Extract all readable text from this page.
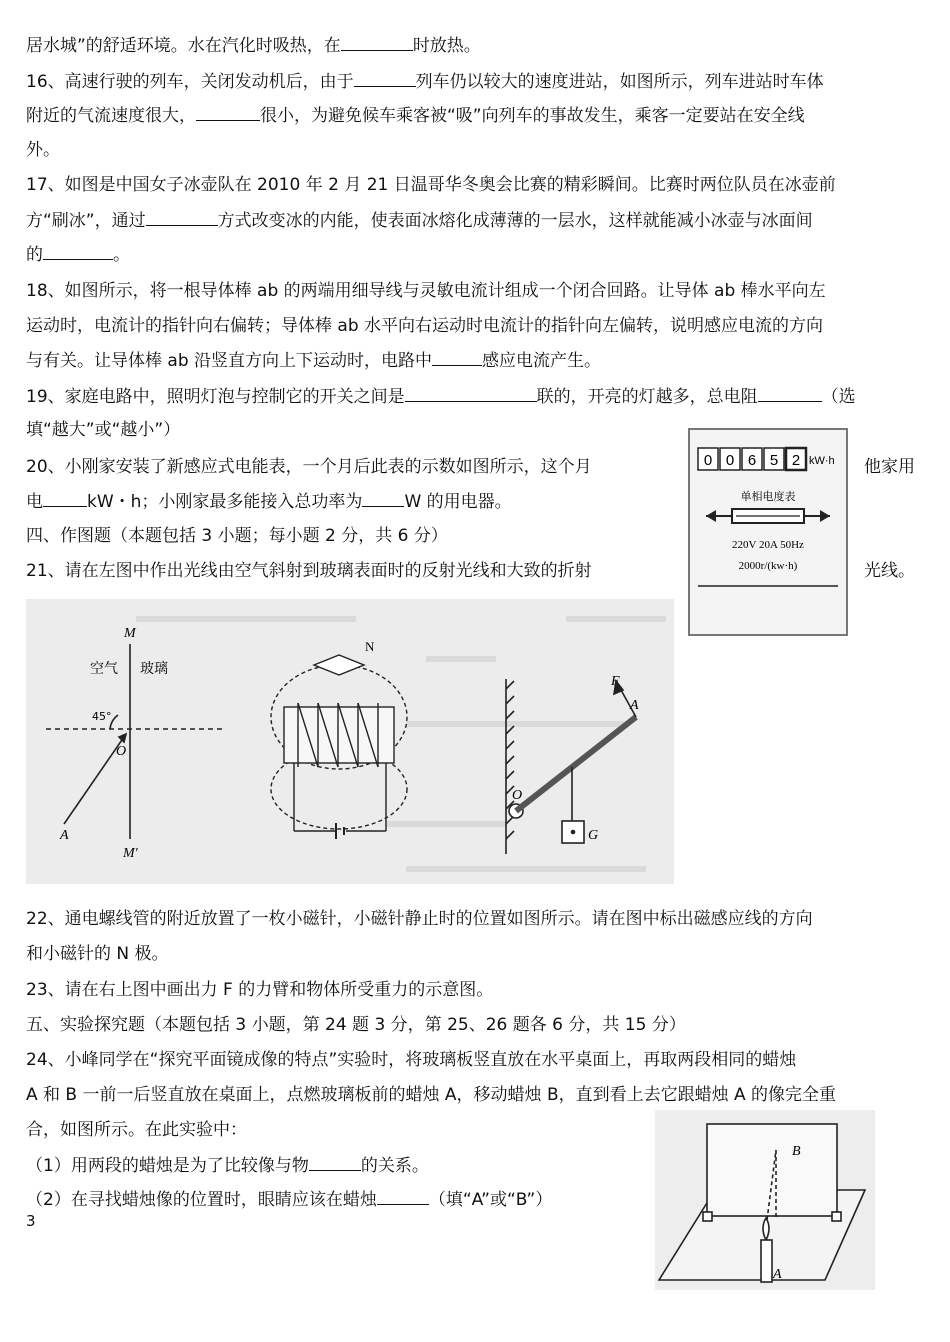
居水城”的舒适环境。水在汽化时吸热，在	时放热。
16、高速行驶的列车，关闭发动机后，由于	列车仍以较大的速度进站，如图所示，列车进站时车体
附近的气流速度很大，	很小，为避免候车乘客被“吸”向列车的事故发生，乘客一定要站在安全线
外。
17、如图是中国女子冰壶队在 2010 年 2 月 21 日温哥华冬奥会比赛的精彩瞬间。比赛时两位队员在冰壶前
方“刷冰”，通过	方式改变冰的内能，使表面冰熔化成薄薄的一层水，这样就能减小冰壶与冰面间
的	。
18、如图所示，将一根导体棒 ab 的两端用细导线与灵敏电流计组成一个闭合回路。让导体 ab 棒水平向左
运动时，电流计的指针向右偏转；导体棒 ab 水平向右运动时电流计的指针向左偏转，说明感应电流的方向
与有关。让导体棒 ab 沿竖直方向上下运动时，电路中	感应电流产生。
19、家庭电路中，照明灯泡与控制它的开关之间是	联的，开亮的灯越多，总电阻	（选
填“越大”或“越小”）
20、小刚家安装了新感应式电能表，一个月后此表的示数如图所示，这个月	他家用
电	kW・h；小刚家最多能接入总功率为 W 的用电器。
四、作图题（本题包括 3 小题；每小题 2 分，共 6 分）
21、请在左图中作出光线由空气斜射到玻璃表面时的反射光线和大致的折射	光线。
0 0 6 5 2 kW·h
单相电度表
220V 20A 50Hz
2000r/(kw·h)
M
M'
空气 玻璃
45°
O
A
N
F
A
O
G
22、通电螺线管的附近放置了一枚小磁针，小磁针静止时的位置如图所示。请在图中标出磁感应线的方向
和小磁针的 N 极。
23、请在右上图中画出力 F 的力臂和物体所受重力的示意图。
五、实验探究题（本题包括 3 小题，第 24 题 3 分，第 25、26 题各 6 分，共 15 分）
24、小峰同学在“探究平面镜成像的特点”实验时，将玻璃板竖直放在水平桌面上，再取两段相同的蜡烛
A 和 B 一前一后竖直放在桌面上，点燃玻璃板前的蜡烛 A，移动蜡烛 B，直到看上去它跟蜡烛 A 的像完全重
合，如图所示。在此实验中：
（1）用两段的蜡烛是为了比较像与物	的关系。
（2）在寻找蜡烛像的位置时，眼睛应该在蜡烛	（填“A”或“B”）
3
B
A
